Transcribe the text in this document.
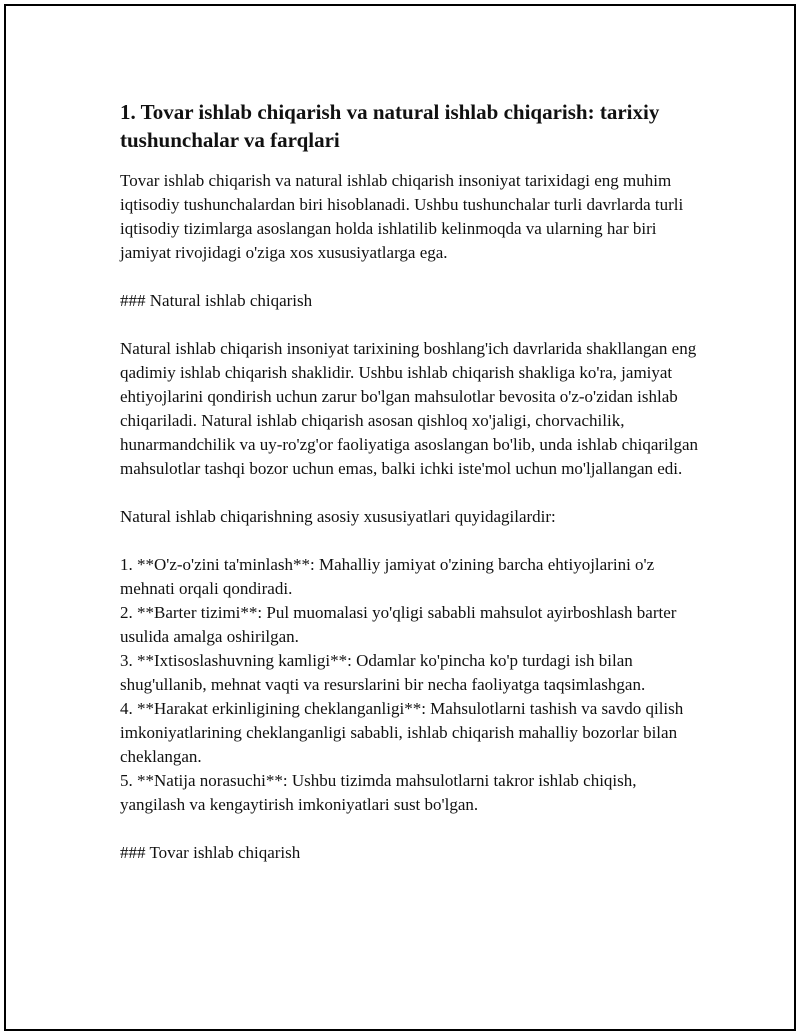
1. Tovar ishlab chiqarish va natural ishlab chiqarish: tarixiy tushunchalar va farqlari

Tovar ishlab chiqarish va natural ishlab chiqarish insoniyat tarixidagi eng muhim iqtisodiy tushunchalardan biri hisoblanadi. Ushbu tushunchalar turli davrlarda turli iqtisodiy tizimlarga asoslangan holda ishlatilib kelinmoqda va ularning har biri jamiyat rivojidagi o'ziga xos xususiyatlarga ega.

### Natural ishlab chiqarish

Natural ishlab chiqarish insoniyat tarixining boshlang'ich davrlarida shakllangan eng qadimiy ishlab chiqarish shaklidir. Ushbu ishlab chiqarish shakliga ko'ra, jamiyat ehtiyojlarini qondirish uchun zarur bo'lgan mahsulotlar bevosita o'z-o'zidan ishlab chiqariladi. Natural ishlab chiqarish asosan qishloq xo'jaligi, chorvachilik, hunarmandchilik va uy-ro'zg'or faoliyatiga asoslangan bo'lib, unda ishlab chiqarilgan mahsulotlar tashqi bozor uchun emas, balki ichki iste'mol uchun mo'ljallangan edi.

Natural ishlab chiqarishning asosiy xususiyatlari quyidagilardir:

1. **O'z-o'zini ta'minlash**: Mahalliy jamiyat o'zining barcha ehtiyojlarini o'z mehnati orqali qondiradi.

2. **Barter tizimi**: Pul muomalasi yo'qligi sababli mahsulot ayirboshlash barter usulida amalga oshirilgan.

3. **Ixtisoslashuvning kamligi**: Odamlar ko'pincha ko'p turdagi ish bilan shug'ullanib, mehnat vaqti va resurslarini bir necha faoliyatga taqsimlashgan.

4. **Harakat erkinligining cheklanganligi**: Mahsulotlarni tashish va savdo qilish imkoniyatlarining cheklanganligi sababli, ishlab chiqarish mahalliy bozorlar bilan cheklangan.

5. **Natija norasuchi**: Ushbu tizimda mahsulotlarni takror ishlab chiqish, yangilash va kengaytirish imkoniyatlari sust bo'lgan.

### Tovar ishlab chiqarish
